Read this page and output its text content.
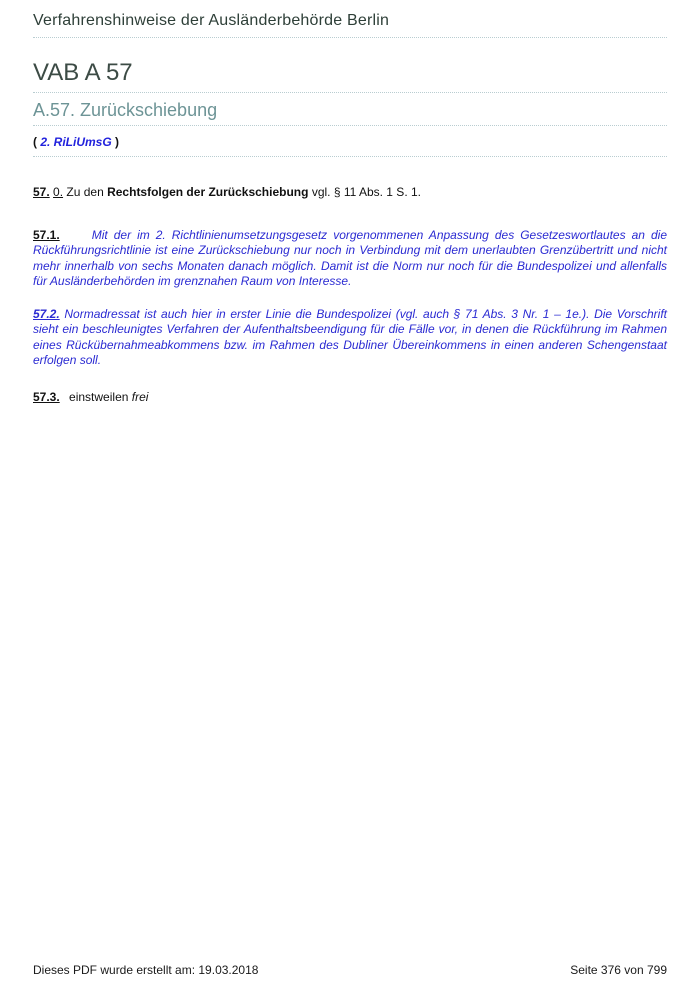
Verfahrenshinweise der Ausländerbehörde Berlin
VAB A 57
A.57. Zurückschiebung
( 2. RiLiUmsG )

57. 0. Zu den Rechtsfolgen der Zurückschiebung vgl. § 11 Abs. 1 S. 1.

57.1.	Mit der im 2. Richtlinienumsetzungsgesetz vorgenommenen Anpassung des Gesetzeswortlautes an die Rückführungsrichtlinie ist eine Zurückschiebung nur noch in Verbindung mit dem unerlaubten Grenzübertritt und nicht mehr innerhalb von sechs Monaten danach möglich. Damit ist die Norm nur noch für die Bundespolizei und allenfalls für Ausländerbehörden im grenznahen Raum von Interesse.

57.2. Normadressat ist auch hier in erster Linie die Bundespolizei (vgl. auch § 71 Abs. 3 Nr. 1 – 1e.). Die Vorschrift sieht ein beschleunigtes Verfahren der Aufenthaltsbeendigung für die Fälle vor, in denen die Rückführung im Rahmen eines Rückübernahmeabkommens bzw. im Rahmen des Dubliner Übereinkommens in einen anderen Schengenstaat erfolgen soll.

57.3. einstweilen frei

Dieses PDF wurde erstellt am: 19.03.2018	Seite 376 von 799
